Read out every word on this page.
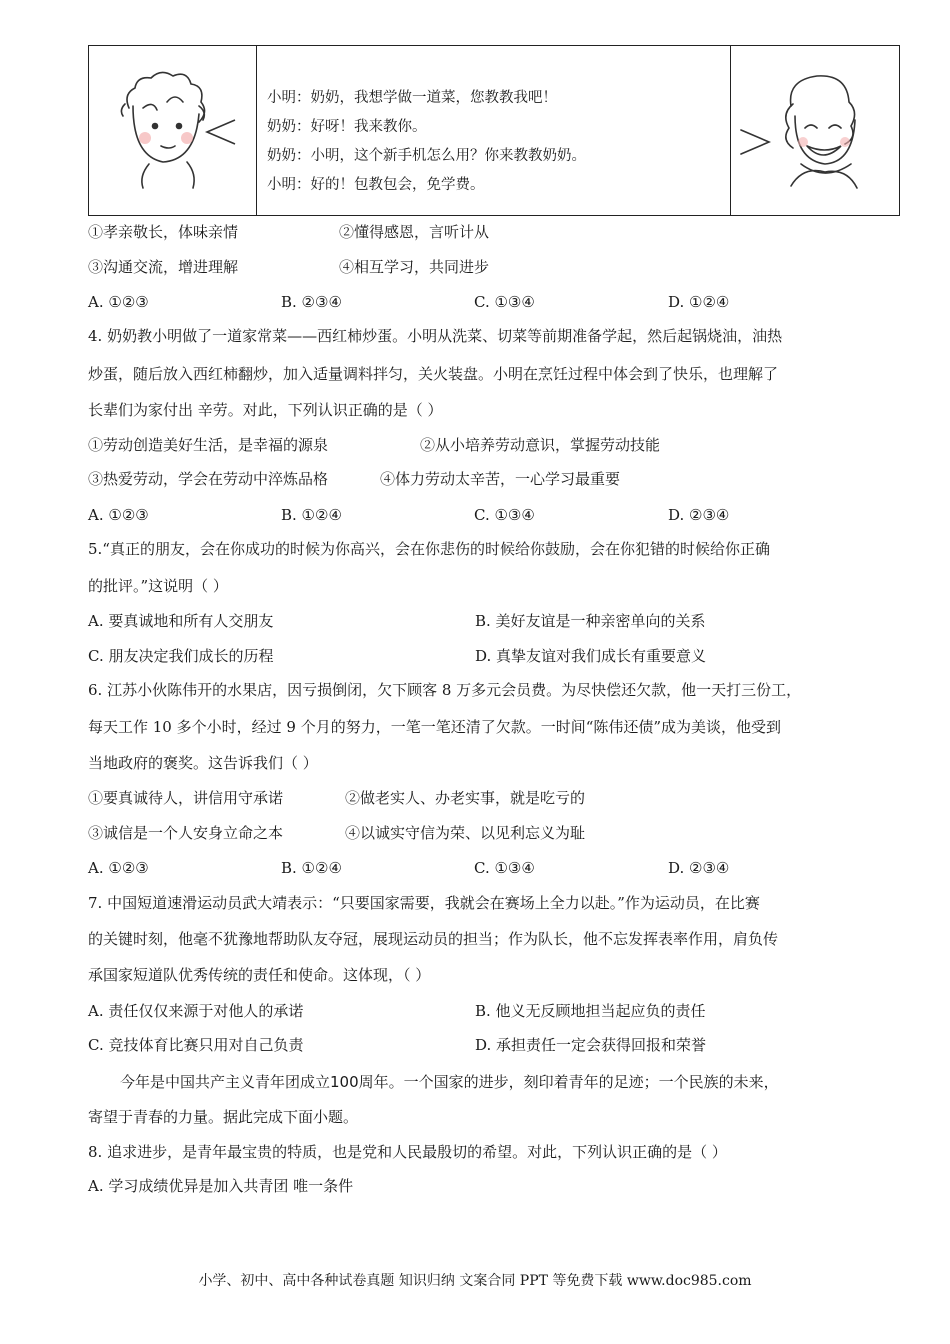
小明：奶奶，我想学做一道菜，您教教我吧！
奶奶：好呀！我来教你。
奶奶：小明，这个新手机怎么用？你来教教奶奶。
小明：好的！包教包会，免学费。
①孝亲敬长，体味亲情	②懂得感恩，言听计从
③沟通交流，增进理解	④相互学习，共同进步
A. ①②③	B. ②③④	C. ①③④	D. ①②④
4. 奶奶教小明做了一道家常菜——西红柿炒蛋。小明从洗菜、切菜等前期准备学起，然后起锅烧油，油热
炒蛋，随后放入西红柿翻炒，加入适量调料拌匀，关火装盘。小明在烹饪过程中体会到了快乐，也理解了
长辈们为家付出 辛劳。对此，下列认识正确的是（ ）
①劳动创造美好生活，是幸福的源泉	②从小培养劳动意识，掌握劳动技能
③热爱劳动，学会在劳动中淬炼品格	④体力劳动太辛苦，一心学习最重要
A. ①②③	B. ①②④	C. ①③④	D. ②③④
5.“真正的朋友，会在你成功的时候为你高兴，会在你悲伤的时候给你鼓励，会在你犯错的时候给你正确
的批评。”这说明（ ）
A. 要真诚地和所有人交朋友	B. 美好友谊是一种亲密单向的关系
C. 朋友决定我们成长的历程	D. 真挚友谊对我们成长有重要意义
6. 江苏小伙陈伟开的水果店，因亏损倒闭，欠下顾客 8 万多元会员费。为尽快偿还欠款，他一天打三份工，
每天工作 10 多个小时，经过 9 个月的努力，一笔一笔还清了欠款。一时间“陈伟还债”成为美谈，他受到
当地政府的褒奖。这告诉我们（ ）
①要真诚待人，讲信用守承诺	②做老实人、办老实事，就是吃亏的
③诚信是一个人安身立命之本	④以诚实守信为荣、以见利忘义为耻
A. ①②③	B. ①②④	C. ①③④	D. ②③④
7. 中国短道速滑运动员武大靖表示：“只要国家需要，我就会在赛场上全力以赴。”作为运动员，在比赛
的关键时刻，他毫不犹豫地帮助队友夺冠，展现运动员的担当；作为队长，他不忘发挥表率作用，肩负传
承国家短道队优秀传统的责任和使命。这体现，（ ）
A. 责任仅仅来源于对他人的承诺	B. 他义无反顾地担当起应负的责任
C. 竞技体育比赛只用对自己负责	D. 承担责任一定会获得回报和荣誉
今年是中国共产主义青年团成立100周年。一个国家的进步，刻印着青年的足迹；一个民族的未来，
寄望于青春的力量。据此完成下面小题。
8. 追求进步，是青年最宝贵的特质，也是党和人民最殷切的希望。对此，下列认识正确的是（ ）
A. 学习成绩优异是加入共青团 唯一条件
小学、初中、高中各种试卷真题 知识归纳 文案合同 PPT 等免费下载 www.doc985.com
